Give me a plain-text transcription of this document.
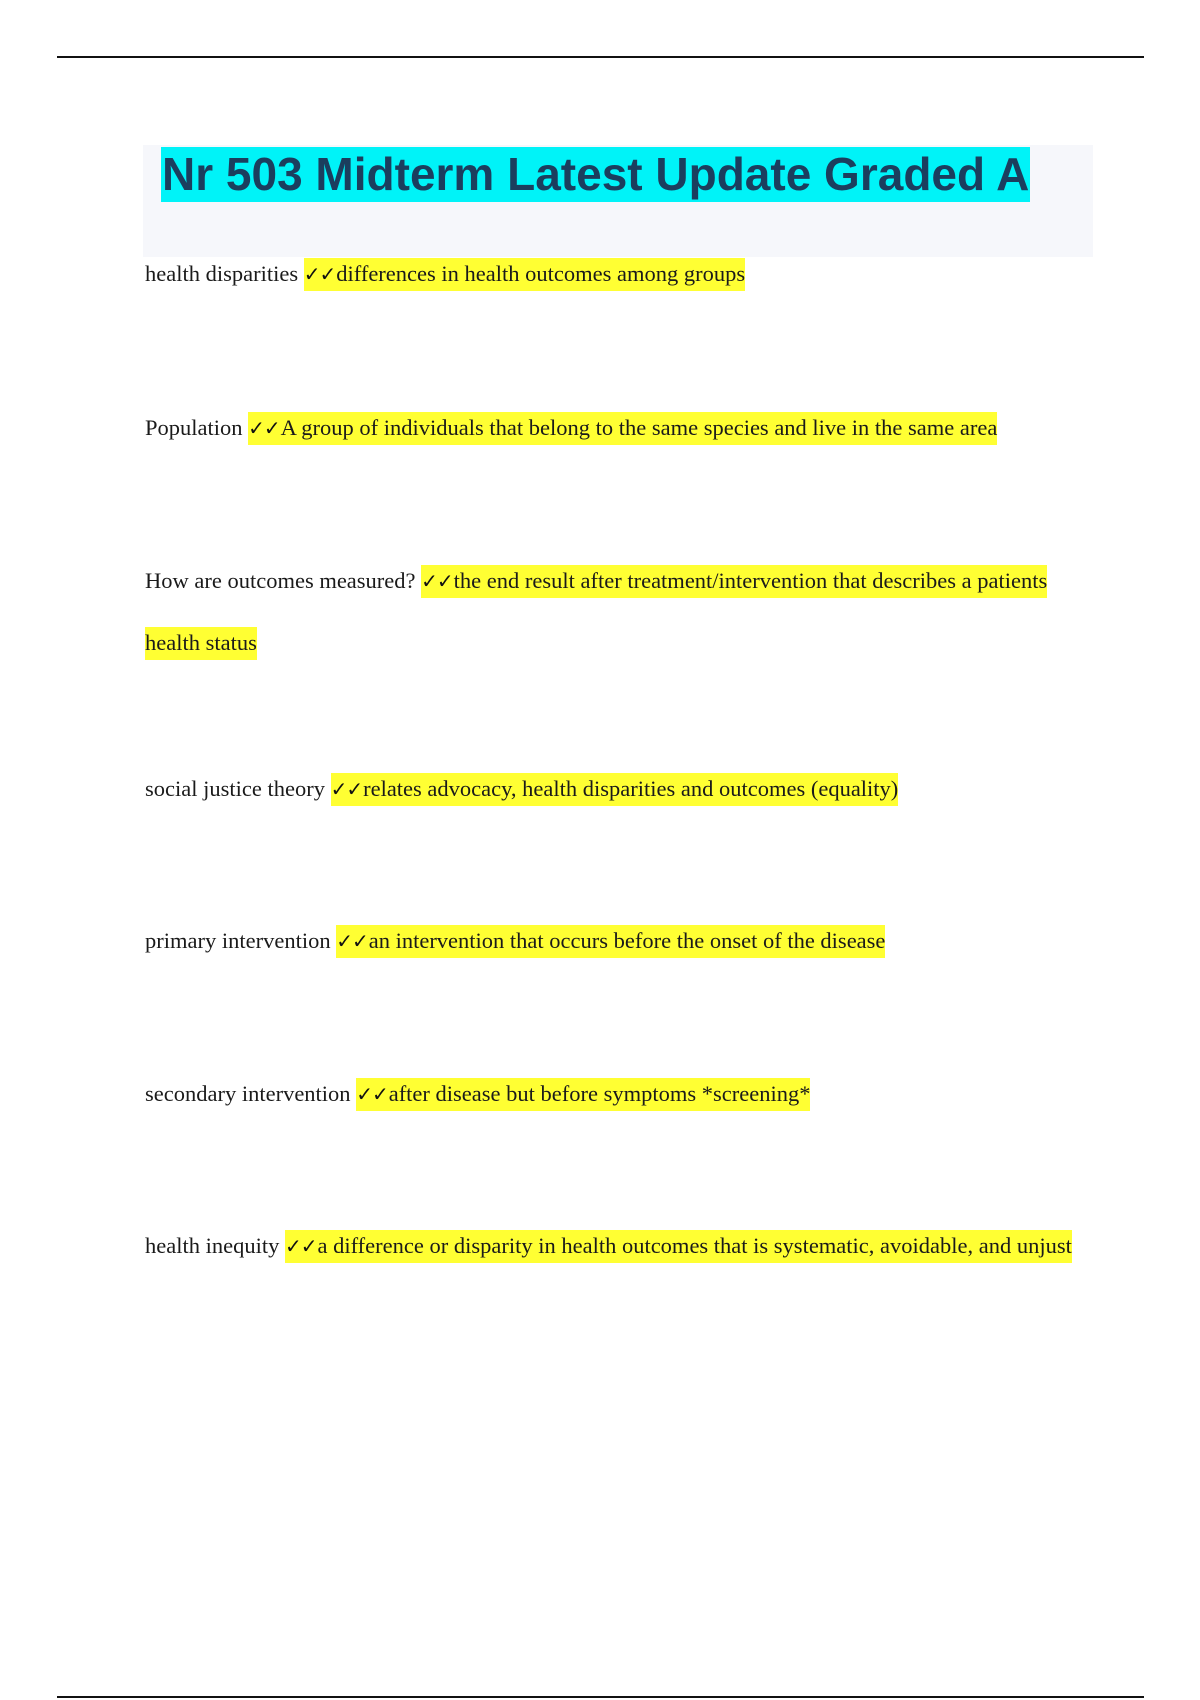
Nr 503 Midterm Latest Update Graded A

health disparities ✓✓differences in health outcomes among groups

Population ✓✓A group of individuals that belong to the same species and live in the same area

How are outcomes measured? ✓✓the end result after treatment/intervention that describes a patients health status

social justice theory ✓✓relates advocacy, health disparities and outcomes (equality)

primary intervention ✓✓an intervention that occurs before the onset of the disease

secondary intervention ✓✓after disease but before symptoms *screening*

health inequity ✓✓a difference or disparity in health outcomes that is systematic, avoidable, and unjust
